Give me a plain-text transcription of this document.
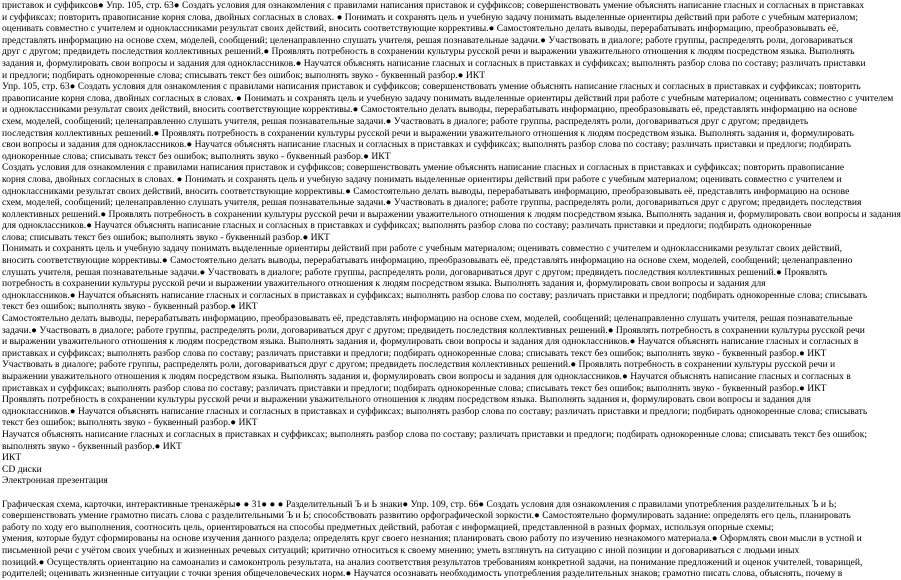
приставок и суффиксов● Упр. 105, стр. 63● Создать условия для ознакомления с правилами написания приставок и суффиксов; совершенствовать умение объяснять написание гласных и согласных в приставках
и суффиксах; повторить правописание корня слова, двойных согласных в словах. ● Понимать и сохранять цель и учебную задачу понимать выделенные ориентиры действий при работе с учебным материалом;
оценивать совместно с учителем и одноклассниками результат своих действий, вносить соответствующие коррективы.● Самостоятельно делать выводы, перерабатывать информацию, преобразовывать её,
представлять информацию на основе схем, моделей, сообщений; целенаправленно слушать учителя, решая познавательные задачи.● Участвовать в диалоге; работе группы, распределять роли, договариваться
друг с другом; предвидеть последствия коллективных решений.● Проявлять потребность в сохранении культуры русской речи и выражении уважительного отношения к людям посредством языка. Выполнять
задания и, формулировать свои вопросы и задания для одноклассников.● Научатся объяснять написание гласных и согласных в приставках и суффиксах; выполнять разбор слова по составу; различать приставки
и предлоги; подбирать однокоренные слова; списывать текст без ошибок; выполнять звуко - буквенный разбор.● ИКТ
Упр. 105, стр. 63● Создать условия для ознакомления с правилами написания приставок и суффиксов; совершенствовать умение объяснять написание гласных и согласных в приставках и суффиксах; повторить
правописание корня слова, двойных согласных в словах. ● Понимать и сохранять цель и учебную задачу понимать выделенные ориентиры действий при работе с учебным материалом; оценивать совместно с учителем
и одноклассниками результат своих действий, вносить соответствующие коррективы.● Самостоятельно делать выводы, перерабатывать информацию, преобразовывать её, представлять информацию на основе
схем, моделей, сообщений; целенаправленно слушать учителя, решая познавательные задачи.● Участвовать в диалоге; работе группы, распределять роли, договариваться друг с другом; предвидеть
последствия коллективных решений.● Проявлять потребность в сохранении культуры русской речи и выражении уважительного отношения к людям посредством языка. Выполнять задания и, формулировать
свои вопросы и задания для одноклассников.● Научатся объяснять написание гласных и согласных в приставках и суффиксах; выполнять разбор слова по составу; различать приставки и предлоги; подбирать
однокоренные слова; списывать текст без ошибок; выполнять звуко - буквенный разбор.● ИКТ
Создать условия для ознакомления с правилами написания приставок и суффиксов; совершенствовать умение объяснять написание гласных и согласных в приставках и суффиксах; повторить правописание
корня слова, двойных согласных в словах. ● Понимать и сохранять цель и учебную задачу понимать выделенные ориентиры действий при работе с учебным материалом; оценивать совместно с учителем и
одноклассниками результат своих действий, вносить соответствующие коррективы.● Самостоятельно делать выводы, перерабатывать информацию, преобразовывать её, представлять информацию на основе
схем, моделей, сообщений; целенаправленно слушать учителя, решая познавательные задачи.● Участвовать в диалоге; работе группы, распределять роли, договариваться друг с другом; предвидеть последствия
коллективных решений.● Проявлять потребность в сохранении культуры русской речи и выражении уважительного отношения к людям посредством языка. Выполнять задания и, формулировать свои вопросы и задания
для одноклассников.● Научатся объяснять написание гласных и согласных в приставках и суффиксах; выполнять разбор слова по составу; различать приставки и предлоги; подбирать однокоренные
слова; списывать текст без ошибок; выполнять звуко - буквенный разбор.● ИКТ
Понимать и сохранять цель и учебную задачу понимать выделенные ориентиры действий при работе с учебным материалом; оценивать совместно с учителем и одноклассниками результат своих действий,
вносить соответствующие коррективы.● Самостоятельно делать выводы, перерабатывать информацию, преобразовывать её, представлять информацию на основе схем, моделей, сообщений; целенаправленно
слушать учителя, решая познавательные задачи.● Участвовать в диалоге; работе группы, распределять роли, договариваться друг с другом; предвидеть последствия коллективных решений.● Проявлять
потребность в сохранении культуры русской речи и выражении уважительного отношения к людям посредством языка. Выполнять задания и, формулировать свои вопросы и задания для
одноклассников.● Научатся объяснять написание гласных и согласных в приставках и суффиксах; выполнять разбор слова по составу; различать приставки и предлоги; подбирать однокоренные слова; списывать
текст без ошибок; выполнять звуко - буквенный разбор.● ИКТ
Самостоятельно делать выводы, перерабатывать информацию, преобразовывать её, представлять информацию на основе схем, моделей, сообщений; целенаправленно слушать учителя, решая познавательные
задачи.● Участвовать в диалоге; работе группы, распределять роли, договариваться друг с другом; предвидеть последствия коллективных решений.● Проявлять потребность в сохранении культуры русской речи
и выражении уважительного отношения к людям посредством языка. Выполнять задания и, формулировать свои вопросы и задания для одноклассников.● Научатся объяснять написание гласных и согласных в
приставках и суффиксах; выполнять разбор слова по составу; различать приставки и предлоги; подбирать однокоренные слова; списывать текст без ошибок; выполнять звуко - буквенный разбор.● ИКТ
Участвовать в диалоге; работе группы, распределять роли, договариваться друг с другом; предвидеть последствия коллективных решений.● Проявлять потребность в сохранении культуры русской речи и
выражении уважительного отношения к людям посредством языка. Выполнять задания и, формулировать свои вопросы и задания для одноклассников.● Научатся объяснять написание гласных и согласных в
приставках и суффиксах; выполнять разбор слова по составу; различать приставки и предлоги; подбирать однокоренные слова; списывать текст без ошибок; выполнять звуко - буквенный разбор.● ИКТ
Проявлять потребность в сохранении культуры русской речи и выражении уважительного отношения к людям посредством языка. Выполнять задания и, формулировать свои вопросы и задания для
одноклассников.● Научатся объяснять написание гласных и согласных в приставках и суффиксах; выполнять разбор слова по составу; различать приставки и предлоги; подбирать однокоренные слова; списывать
текст без ошибок; выполнять звуко - буквенный разбор.● ИКТ
Научатся объяснять написание гласных и согласных в приставках и суффиксах; выполнять разбор слова по составу; различать приставки и предлоги; подбирать однокоренные слова; списывать текст без ошибок;
выполнять звуко - буквенный разбор.● ИКТ
ИКТ
CD диски
Электронная презентация
Графическая схема, карточки, интерактивные тренажёры● ● 31● ● ● Разделительный Ъ и Ь знаки● Упр. 109, стр. 66● Создать условия для ознакомления с правилами употребления разделительных Ъ и Ь;
совершенствовать умение грамотно писать слова с разделительными Ъ и Ь; способствовать развитию орфографической зоркости.● Самостоятельно формулировать задание: определять его цель, планировать
работу по ходу его выполнения, соотносить цель, ориентироваться на способы предметных действий, работая с информацией, представленной в разных формах, используя опорные схемы;
умения, которые будут сформированы на основе изучения данного раздела; определять круг своего незнания; планировать свою работу по изучению незнакомого материала.● Оформлять свои мысли в устной и
письменной речи с учётом своих учебных и жизненных речевых ситуаций; критично относиться к своему мнению; уметь взглянуть на ситуацию с иной позиции и договариваться с людьми иных
позиций.● Осуществлять ориентацию на самоанализ и самоконтроль результата, на анализ соответствия результатов требованиям конкретной задачи, на понимание предложений и оценок учителей, товарищей,
родителей; оценивать жизненные ситуации с точки зрения общечеловеческих норм.● Научатся осознавать необходимость употребления разделительных знаков; грамотно писать слова, объяснять, почему в
